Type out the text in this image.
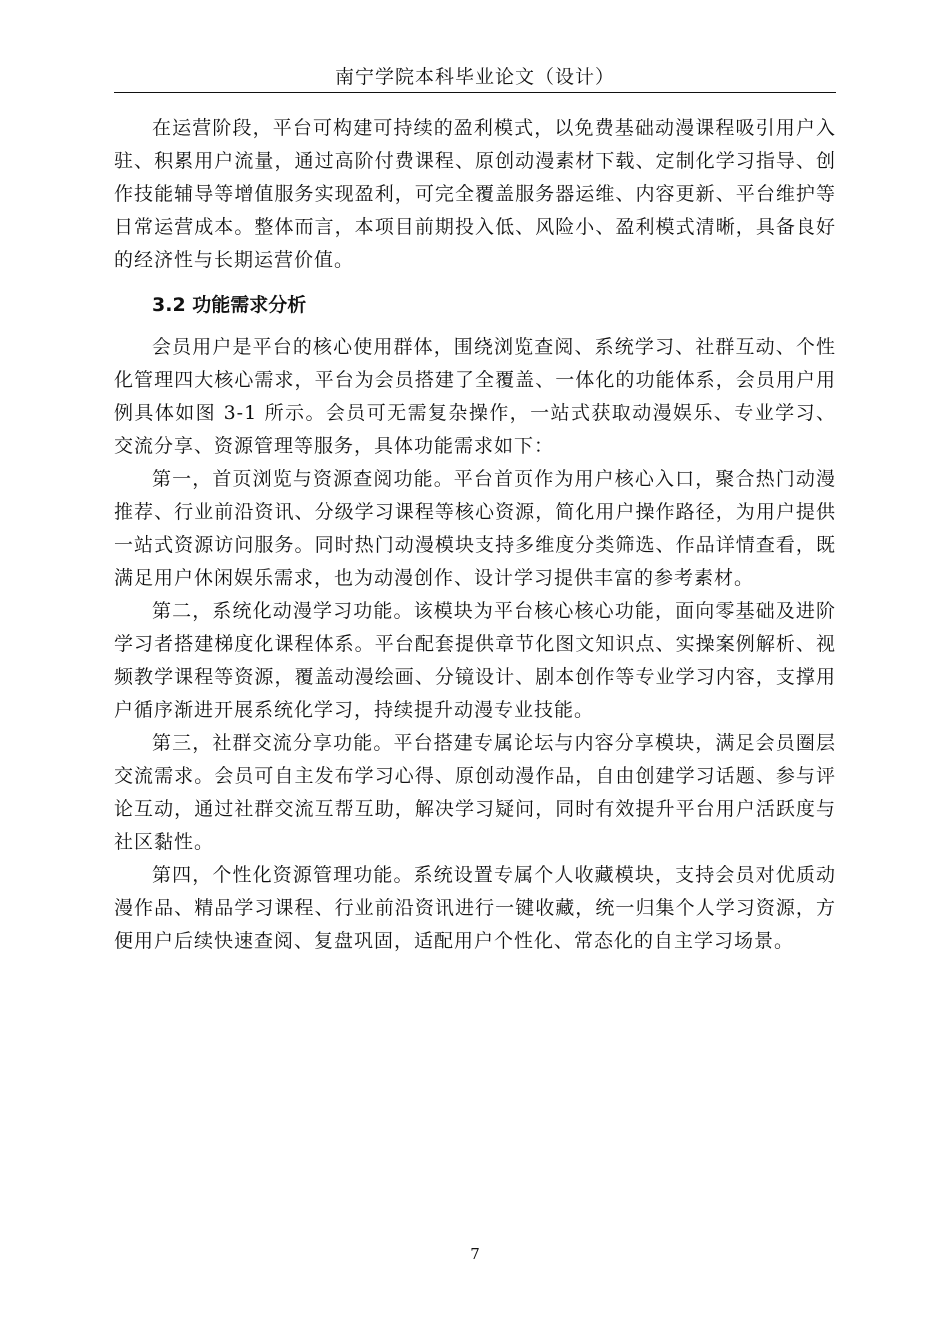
南宁学院本科毕业论文（设计）

在运营阶段，平台可构建可持续的盈利模式，以免费基础动漫课程吸引用户入驻、积累用户流量，通过高阶付费课程、原创动漫素材下载、定制化学习指导、创作技能辅导等增值服务实现盈利，可完全覆盖服务器运维、内容更新、平台维护等日常运营成本。整体而言，本项目前期投入低、风险小、盈利模式清晰，具备良好的经济性与长期运营价值。

3.2 功能需求分析

会员用户是平台的核心使用群体，围绕浏览查阅、系统学习、社群互动、个性化管理四大核心需求，平台为会员搭建了全覆盖、一体化的功能体系，会员用户用例具体如图 3-1 所示。会员可无需复杂操作，一站式获取动漫娱乐、专业学习、交流分享、资源管理等服务，具体功能需求如下：

第一，首页浏览与资源查阅功能。平台首页作为用户核心入口，聚合热门动漫推荐、行业前沿资讯、分级学习课程等核心资源，简化用户操作路径，为用户提供一站式资源访问服务。同时热门动漫模块支持多维度分类筛选、作品详情查看，既满足用户休闲娱乐需求，也为动漫创作、设计学习提供丰富的参考素材。

第二，系统化动漫学习功能。该模块为平台核心核心功能，面向零基础及进阶学习者搭建梯度化课程体系。平台配套提供章节化图文知识点、实操案例解析、视频教学课程等资源，覆盖动漫绘画、分镜设计、剧本创作等专业学习内容，支撑用户循序渐进开展系统化学习，持续提升动漫专业技能。

第三，社群交流分享功能。平台搭建专属论坛与内容分享模块，满足会员圈层交流需求。会员可自主发布学习心得、原创动漫作品，自由创建学习话题、参与评论互动，通过社群交流互帮互助，解决学习疑问，同时有效提升平台用户活跃度与社区黏性。

第四，个性化资源管理功能。系统设置专属个人收藏模块，支持会员对优质动漫作品、精品学习课程、行业前沿资讯进行一键收藏，统一归集个人学习资源，方便用户后续快速查阅、复盘巩固，适配用户个性化、常态化的自主学习场景。

7
